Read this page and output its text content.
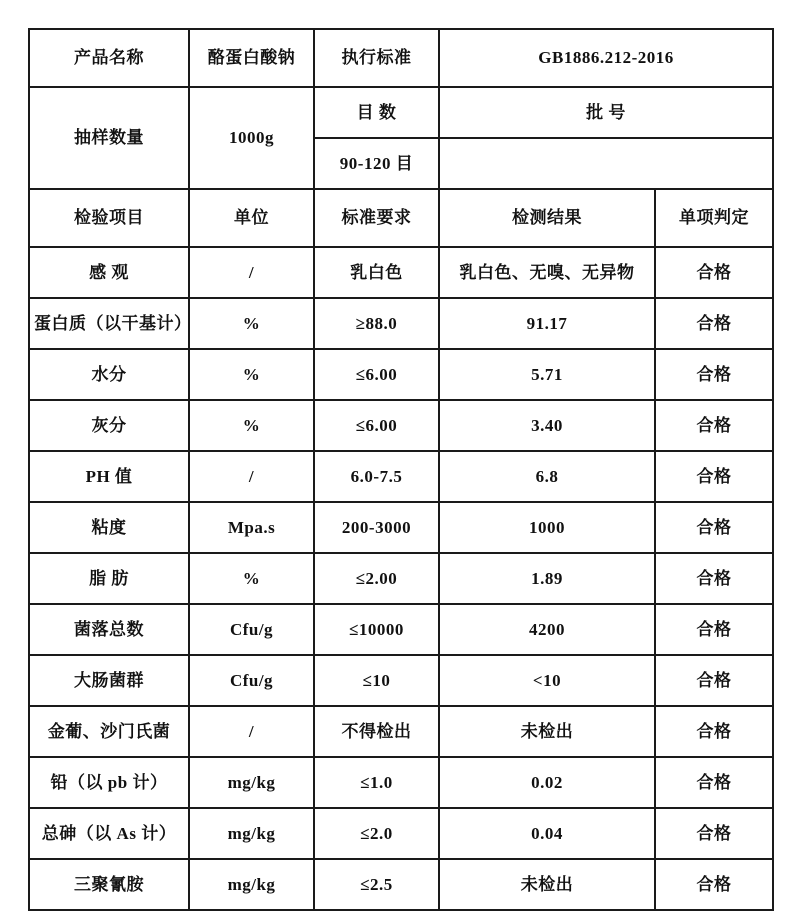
产品名称	酪蛋白酸钠	执行标准	GB1886.212-2016	
抽样数量	1000g	目 数	批 号	
		90-120 目		
检验项目	单位	标准要求	检测结果	单项判定
感 观	/	乳白色	乳白色、无嗅、无异物	合格
蛋白质（以干基计）	%	≥88.0	91.17	合格
水分	%	≤6.00	5.71	合格
灰分	%	≤6.00	3.40	合格
PH 值	/	6.0-7.5	6.8	合格
粘度	Mpa.s	200-3000	1000	合格
脂 肪	%	≤2.00	1.89	合格
菌落总数	Cfu/g	≤10000	4200	合格
大肠菌群	Cfu/g	≤10	<10	合格
金葡、沙门氏菌	/	不得检出	未检出	合格
铅（以 pb 计）	mg/kg	≤1.0	0.02	合格
总砷（以 As 计）	mg/kg	≤2.0	0.04	合格
三聚氰胺	mg/kg	≤2.5	未检出	合格
